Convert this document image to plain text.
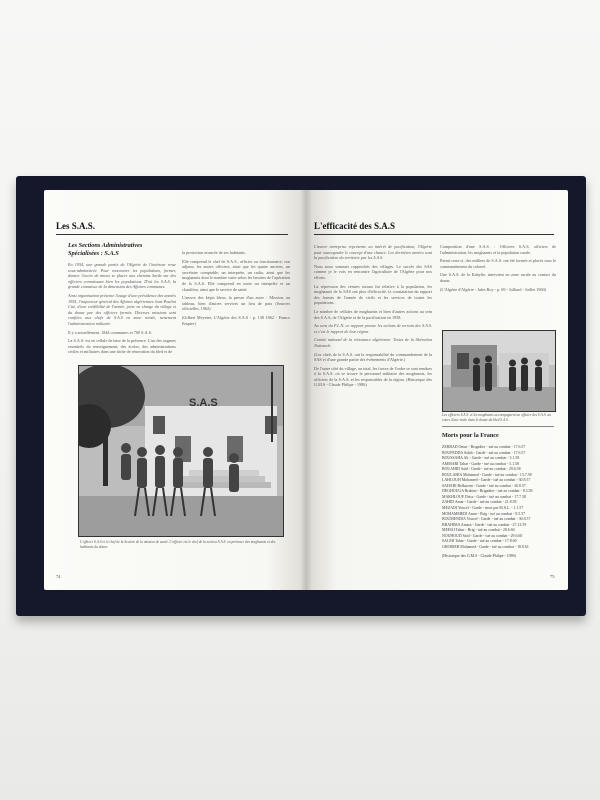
Les S.A.S.
Les Sections Administratives
Spécialisées : S.A.S

En 1954, une grande partie de l'Algérie de l'intérieur reste sous-administrée. Pour rencontrer les populations, former, donner l'accès de mieux se placer aux chemins Sarde sur des officiers connaissant bien les populations. D'où les S.A.S, la grande connaisse de la dimension des Affaires communes.

Ainsi organisation présente l'usage d'une présidence des années 1955, l'inspecteur général des Affaires algériennes Jean Pouliot Cité, d'une crédibilité de l'armée, prise en charge du village et du douar par des officiers formés. Diverses missions sont confiées aux chefs de S.A.S en zone rurale, nettement l'administration militaire.

Il y a actuellement, 1844 communes et 700 S.A.S.

La S.A.S. est en cellule de base de la présence. L'un des organes essentiels du renseignement, des écoles, des administrations civiles et militaires dans une tâche de rénovation du bled et de

la protection avancée de ses habitants.

Elle comprend le chef de S.A.S., officier ou fonctionnaire, son adjoint, les autres officiers, ainsi que les quatre anciens, un secrétaire comptable, un interprète, un radio, ainsi que les moghaznis dont le nombre varie selon les besoins de l'opération de la S.A.S. Elle comprend en outre un interprète et un chauffeur, ainsi que le service de santé.

L'œuvre des képis bleus, la presse d'un autre : Mission, au tableau, bien d'autres services un lieu de paix (Sources officielles, 1962).

(Gilbert Meynier, L'Algérie des S.A.S - p. 138 1962 - France Empire)

S.A.S
L'officier S.A.S et le chef de la Section de la mission de santé. L'officier est le chef de la section S.A.S. en présence des moghaznis et des habitants du douar.
74
L'efficacité des S.A.S

L'œuvre entreprise représente un intérêt de pacification, l'Algérie pour sauvegarder le concept d'une chance. Les dernières années sont la pacification du territoire par les S.A.S.

Nous nous sommes rapprochés des villages. Le succès des SAS comme je le vois en rencontre l'agriculture de l'Algérie pour nos efforts.

La répression des centres ruraux fut relative à la population, les moghaznis de la SAS ont plus d'efficacité, la constatation du rapport des formes de l'armée de civils et les services de toutes les populations.

Le nombre de cellules de moghaznis et bien d'autres actions au sein des S.A.S, de l'Algérie et de la pacification en 1958.

Au sens du F.L.N. ce rapport prouve les actions de terrain des S.A.S. et c'est le rapport de leur région.

Comité national de la résistance algérienne. Textes de la libération Nationale.

(Les chefs de la S.A.S. ont la responsabilité du commandement de la SAS et d'une grande partie des événements d'Algérie.)

De l'autre côté du village, au total, les forces de l'ordre se sont rendues à la S.A.S. où se trouve le personnel militaire des moghaznis, les officiers de la S.A.S. et les responsables de la région. (Historique des G.M.S - Claude Philipe - 1986)

Composition d'une S.A.S. : Officiers S.A.S, officiers de l'administration, les moghaznis et la population rurale.

Parmi ceux-ci, des milliers de S.A.S. ont été formés et placés sous le commandement du colonel.

Une S.A.S. de la Kabylie, intervient en zone rurale au contact du douar.

(L'Algérie d'Algérie - Jules Roy - p. 69 - Julliard - Juillet 1960)

Les officiers S.A.S. et les moghaznis accompagnent un officier des S.A.S. au cours d'une visite dans le douar du bled S.A.S.
Morts pour la France
ZERRAD Omar - Brigadier - tué au combat - 17.6.57
BOUFEDDA Salah - Garde - tué au combat - 17.6.57
BOUSSAHA Ali - Garde - tué au combat - 3.1.58
AMMARI Tahar - Garde - tué au combat - 3.1.58
BOUAHID Saïd - Garde - tué au combat - 29.6.58
BOULAHIA Mohamed - Garde - tué au combat - 13.7.58
LAHLOUH Mohamed - Garde - tué au combat - 30.8.57
SAHABI Belkacem - Garde - tué au combat - 30.8.57
DEGHOUGA Brahim - Brigadier - tué au combat - 8.5.58
MAKHLOUF Driss - Garde - tué au combat - 17.7.58
ZAHID Amar - Garde - tué au combat - 21.8.58
MEZADI Youcef - Garde - mort par M.S.L. - 1.1.57
MOHAMMEDI Amar - Brig - tué au combat - 8.5.57
BOUMENDJA Youcef - Garde - tué au combat - 30.8.57
BRAHIMA Amara - Garde - tué au combat - 27.12.59
MEHAI Tahar - Brig - tué au combat - 28.6.60
NOUHOUD Saïd - Garde - tué au combat - 29.6.60
SALMI Tahar - Garde - tué au combat - 17.8.60
GHORIER Mohamed - Garde - tué au combat - 18.8.61
(Historique des G.M.S - Claude Philipe - 1986)
75
